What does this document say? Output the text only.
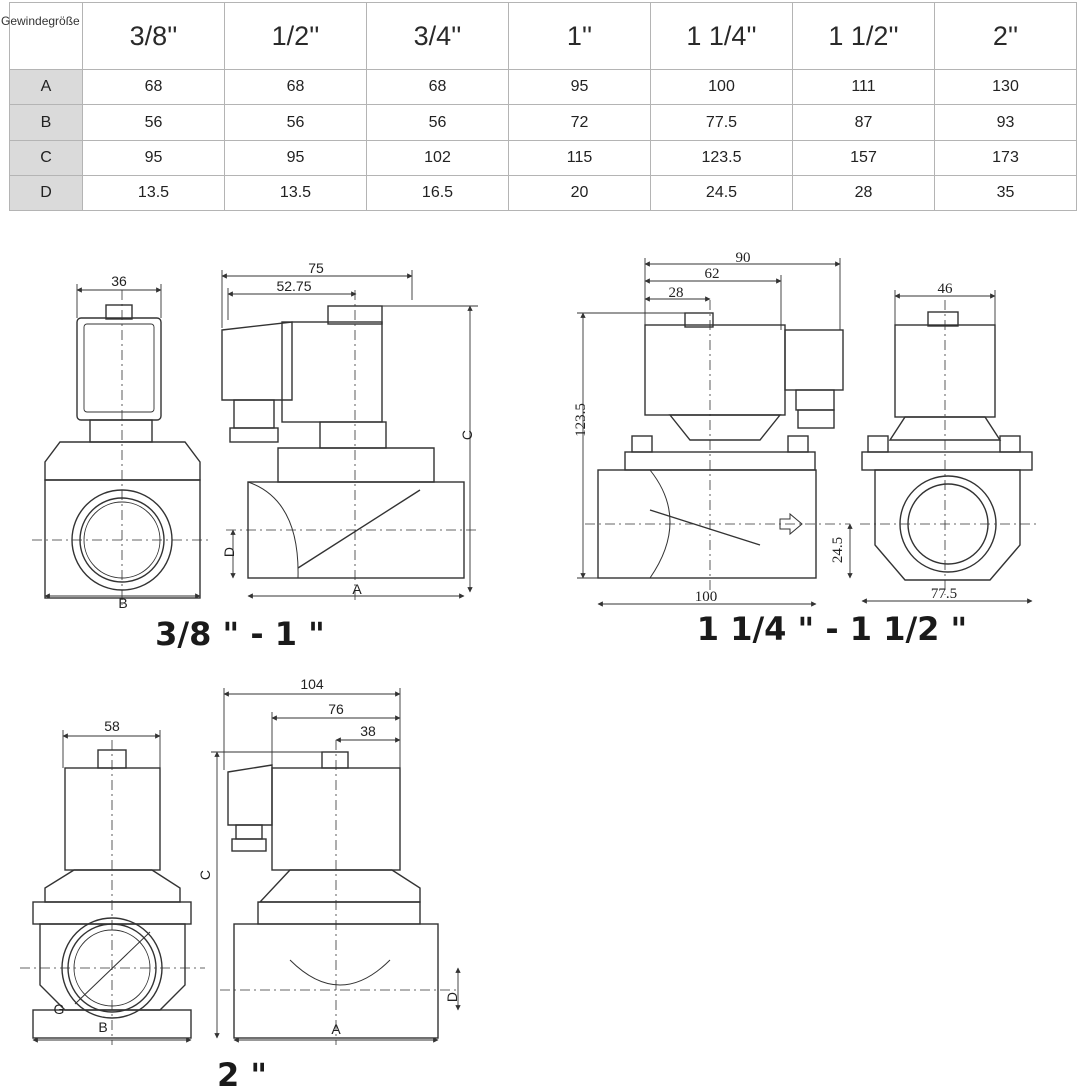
	3/8''	1/2''	3/4''	1''	1 1/4''	1 1/2''	2''
A	68	68	68	95	100	111	130
B	56	56	56	72	77.5	87	93
C	95	95	102	115	123.5	157	173
D	13.5	13.5	16.5	20	24.5	28	35
Gewindegröße
36
75
52.75
B
A
C
D
3/8 " - 1 "
90
62
28
123.5
24.5
100
46
77.5
1 1/4 " - 1 1/2 "
58
104
76
38
C
D
G
B	A
2 "
